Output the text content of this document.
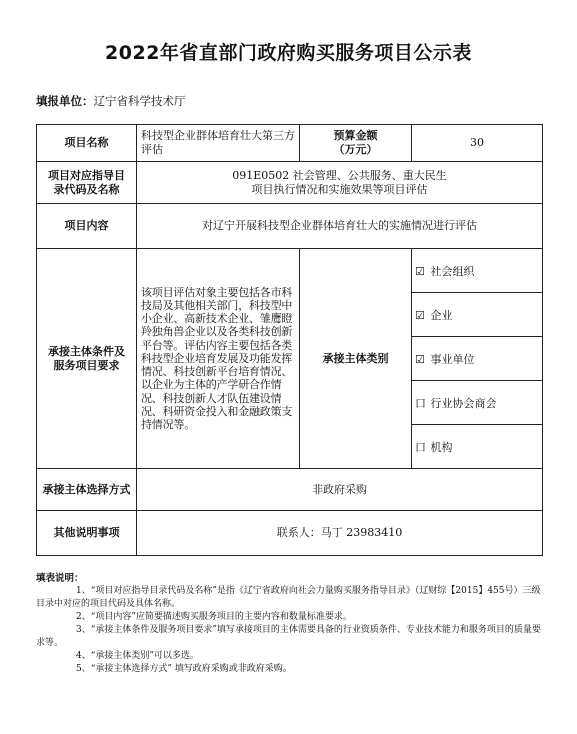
2022年省直部门政府购买服务项目公示表
填报单位：辽宁省科学技术厅
项目名称	科技型企业群体培育壮大第三方评估	预算金额
（万元）	30
项目对应指导目
录代码及名称	091E0502 社会管理、公共服务、重大民生
项目执行情况和实施效果等项目评估		
项目内容	对辽宁开展科技型企业群体培育壮大的实施情况进行评估		
承接主体条件及
服务项目要求	该项目评估对象主要包括各市科技局及其他相关部门，科技型中小企业、高新技术企业、雏鹰瞪羚独角兽企业以及各类科技创新平台等。评估内容主要包括各类科技型企业培育发展及功能发挥情况、科技创新平台培育情况、以企业为主体的产学研合作情况、科技创新人才队伍建设情况、科研资金投入和金融政策支持情况等。	承接主体类别	☑ 社会组织
			☑ 企业
			☑ 事业单位
			口 行业协会商会
			口 机构
承接主体选择方式	非政府采购		
其他说明事项	联系人：马丁 23983410		
填表说明：
1、“项目对应指导目录代码及名称”是指《辽宁省政府向社会力量购买服务指导目录》（辽财综【2015】455号）三级目录中对应的项目代码及具体名称。
2、“项目内容”应简要描述购买服务项目的主要内容和数量标准要求。
3、“承接主体条件及服务项目要求”填写承接项目的主体需要具备的行业资质条件、专业技术能力和服务项目的质量要求等。
4、“承接主体类别”可以多选。
5、“承接主体选择方式” 填写政府采购或非政府采购。
